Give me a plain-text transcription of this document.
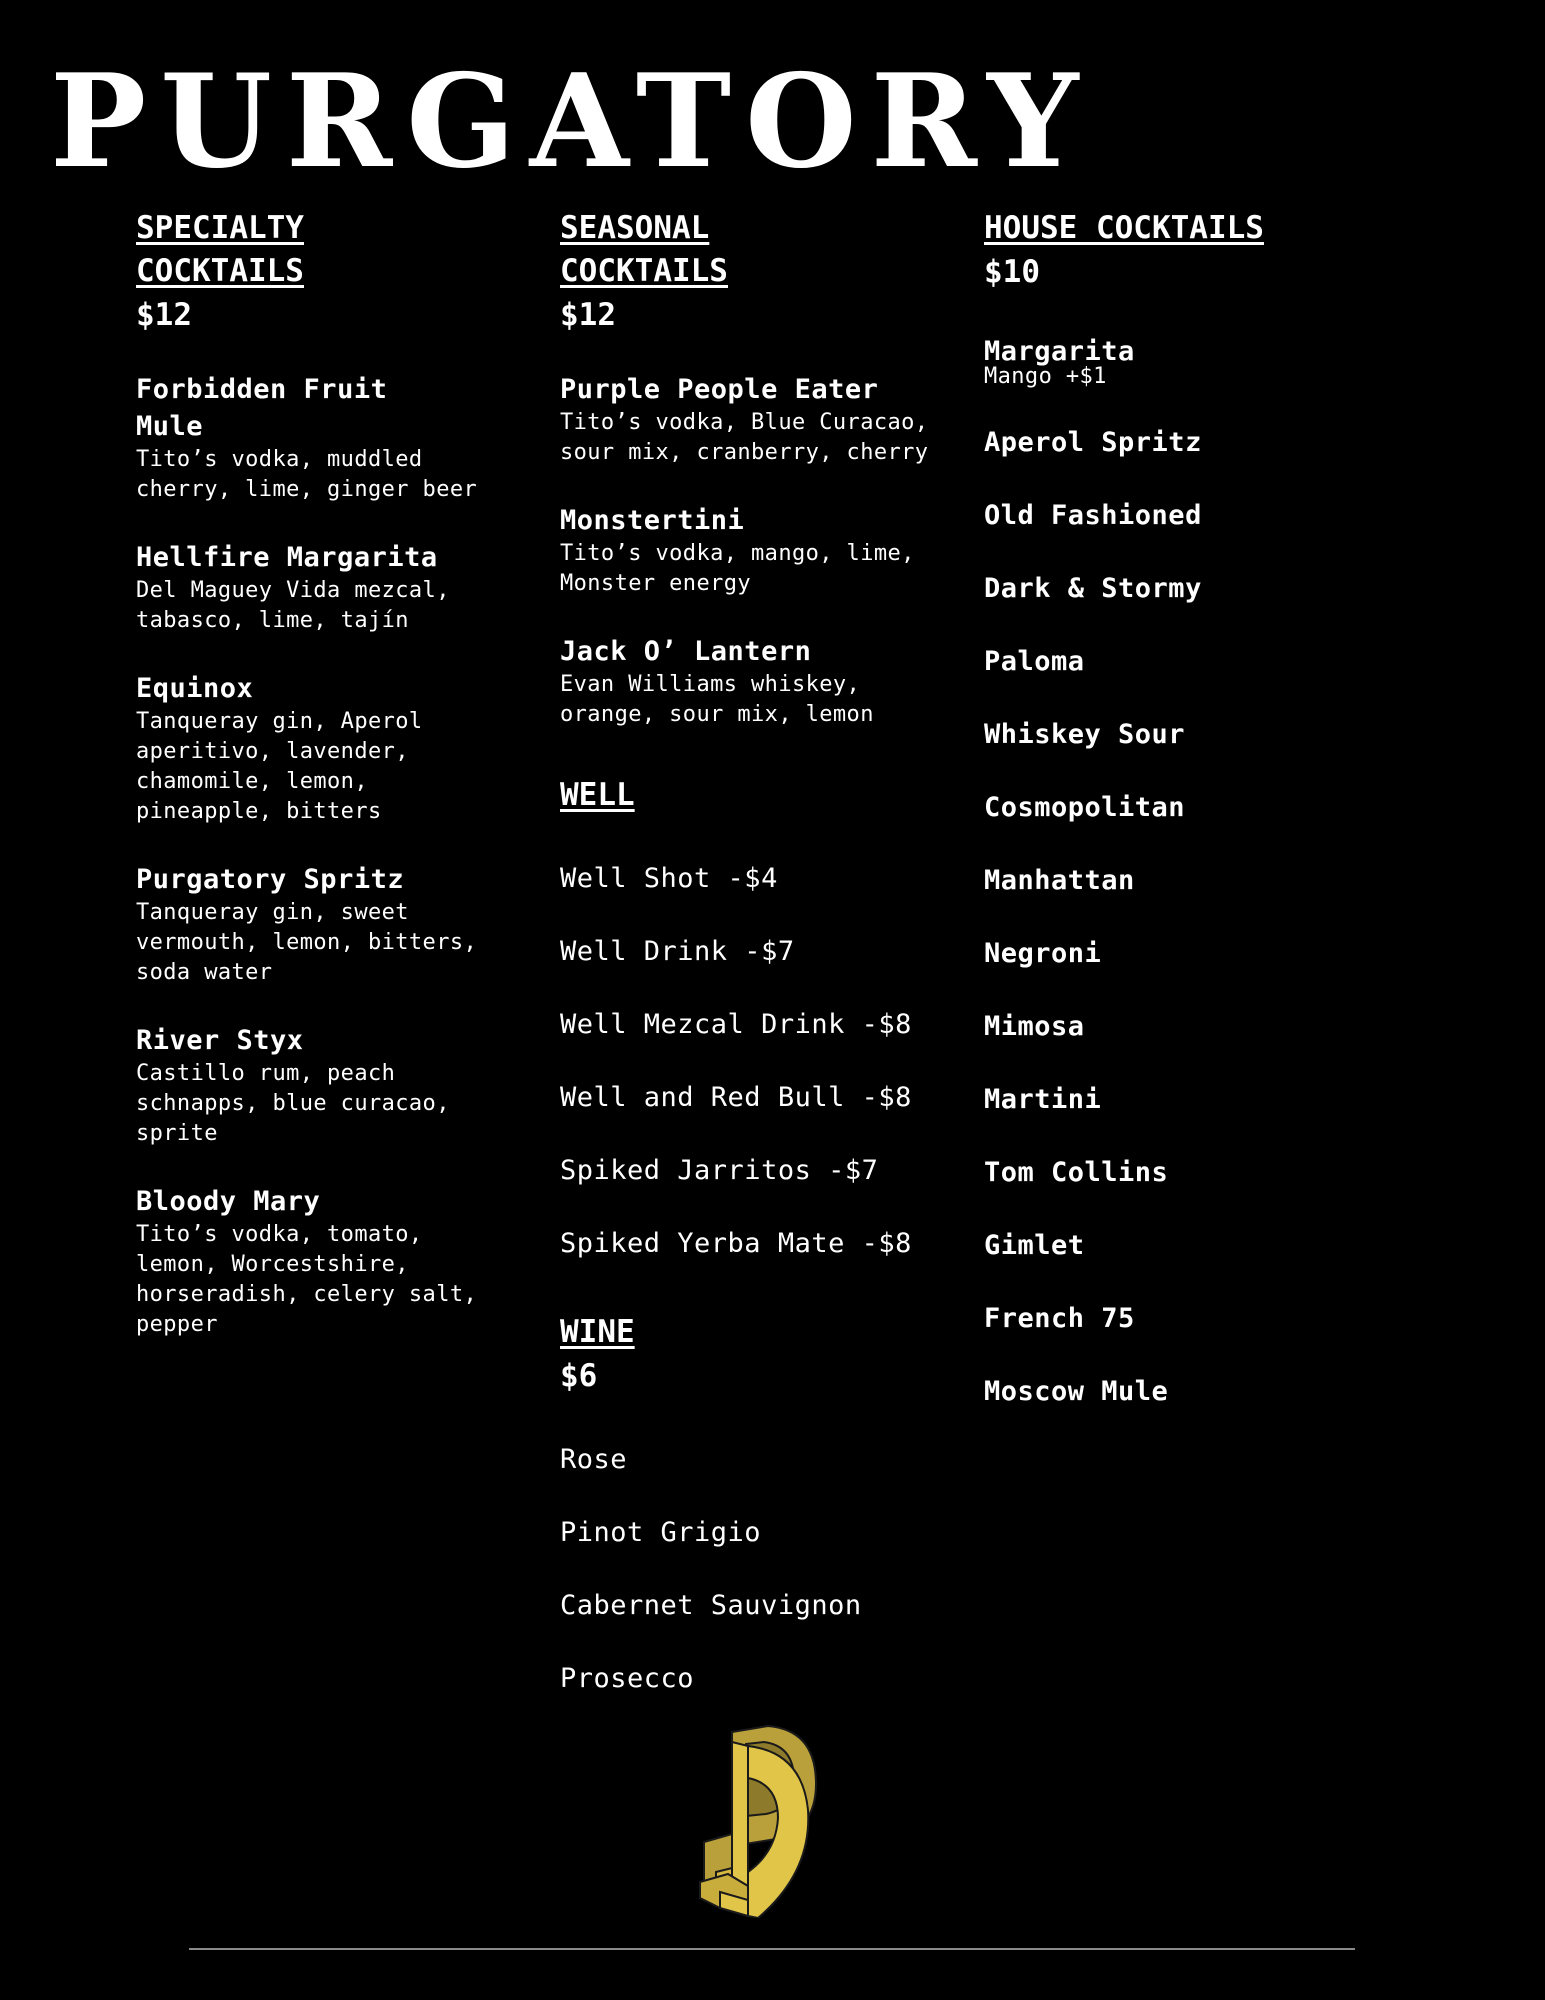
PURGATORY
SPECIALTY
COCKTAILS
$12
Forbidden Fruit
Mule
Tito’s vodka, muddled
cherry, lime, ginger beer
Hellfire Margarita
Del Maguey Vida mezcal,
tabasco, lime, tajín
Equinox
Tanqueray gin, Aperol
aperitivo, lavender,
chamomile, lemon,
pineapple, bitters
Purgatory Spritz
Tanqueray gin, sweet
vermouth, lemon, bitters,
soda water
River Styx
Castillo rum, peach
schnapps, blue curacao,
sprite
Bloody Mary
Tito’s vodka, tomato,
lemon, Worcestshire,
horseradish, celery salt,
pepper
SEASONAL
COCKTAILS
$12
Purple People Eater
Tito’s vodka, Blue Curacao,
sour mix, cranberry, cherry
Monstertini
Tito’s vodka, mango, lime,
Monster energy
Jack O’ Lantern
Evan Williams whiskey,
orange, sour mix, lemon
WELL
Well Shot -$4
Well Drink -$7
Well Mezcal Drink -$8
Well and Red Bull -$8
Spiked Jarritos -$7
Spiked Yerba Mate -$8
WINE
$6
Rose
Pinot Grigio
Cabernet Sauvignon
Prosecco
HOUSE COCKTAILS
$10
Margarita
Mango +$1
Aperol Spritz
Old Fashioned
Dark & Stormy
Paloma
Whiskey Sour
Cosmopolitan
Manhattan
Negroni
Mimosa
Martini
Tom Collins
Gimlet
French 75
Moscow Mule
